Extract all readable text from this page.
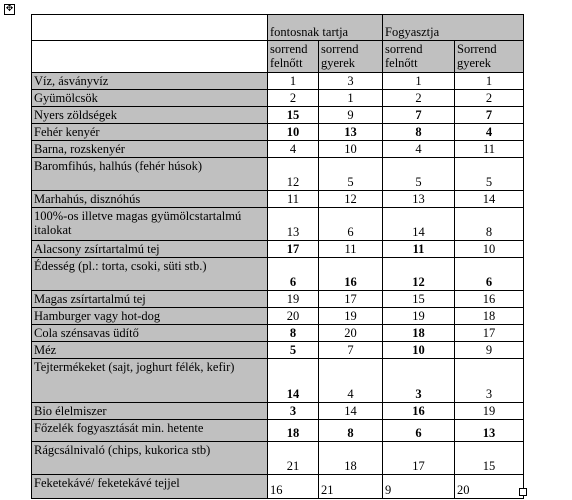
✥
	fontosnak tartja		Fogyasztja	
	sorrend felnőtt	sorrend gyerek	sorrend felnőtt	Sorrend gyerek
Víz, ásványvíz	1	3	1	1
Gyümölcsök	2	1	2	2
Nyers zöldségek	15	9	7	7
Fehér kenyér	10	13	8	4
Barna, rozskenyér	4	10	4	11
Baromfihús, halhús (fehér húsok)	12	5	5	5
Marhahús, disznóhús	11	12	13	14
100%-os illetve magas gyümölcstartalmú italokat	13	6	14	8
Alacsony zsírtartalmú tej	17	11	11	10
Édesség (pl.: torta, csoki, süti stb.)	6	16	12	6
Magas zsírtartalmú tej	19	17	15	16
Hamburger vagy hot-dog	20	19	19	18
Cola szénsavas üdítő	8	20	18	17
Méz	5	7	10	9
Tejtermékeket (sajt, joghurt félék, kefir)	14	4	3	3
Bio élelmiszer	3	14	16	19
Főzelék fogyasztását min. hetente	18	8	6	13
Rágcsálnivaló (chips, kukorica stb)	21	18	17	15
Feketekávé/ feketekávé tejjel	16	21	9	20
